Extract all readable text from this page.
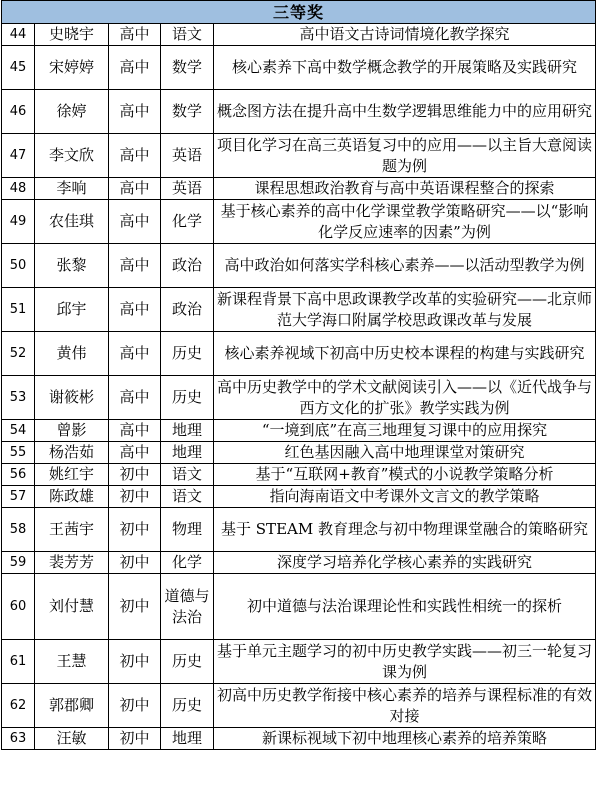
三等奖				
44	史晓宇	高中	语文	高中语文古诗词情境化教学探究
45	宋婷婷	高中	数学	核心素养下高中数学概念教学的开展策略及实践研究
46	徐婷	高中	数学	概念图方法在提升高中生数学逻辑思维能力中的应用研究
47	李文欣	高中	英语	项目化学习在高三英语复习中的应用——以主旨大意阅读题为例
48	李响	高中	英语	课程思想政治教育与高中英语课程整合的探索
49	农佳琪	高中	化学	基于核心素养的高中化学课堂教学策略研究——以“影响化学反应速率的因素”为例
50	张黎	高中	政治	高中政治如何落实学科核心素养——以活动型教学为例
51	邱宇	高中	政治	新课程背景下高中思政课教学改革的实验研究——北京师范大学海口附属学校思政课改革与发展
52	黄伟	高中	历史	核心素养视域下初高中历史校本课程的构建与实践研究
53	谢筱彬	高中	历史	高中历史教学中的学术文献阅读引入——以《近代战争与西方文化的扩张》教学实践为例
54	曾影	高中	地理	“一境到底”在高三地理复习课中的应用探究
55	杨浩茹	高中	地理	红色基因融入高中地理课堂对策研究
56	姚红宇	初中	语文	基于“互联网+教育”模式的小说教学策略分析
57	陈政雄	初中	语文	指向海南语文中考课外文言文的教学策略
58	王茜宇	初中	物理	基于 STEAM 教育理念与初中物理课堂融合的策略研究
59	裴芳芳	初中	化学	深度学习培养化学核心素养的实践研究
60	刘付慧	初中	道德与法治	初中道德与法治课理论性和实践性相统一的探析
61	王慧	初中	历史	基于单元主题学习的初中历史教学实践——初三一轮复习课为例
62	郭郡卿	初中	历史	初高中历史教学衔接中核心素养的培养与课程标准的有效对接
63	汪敏	初中	地理	新课标视域下初中地理核心素养的培养策略
